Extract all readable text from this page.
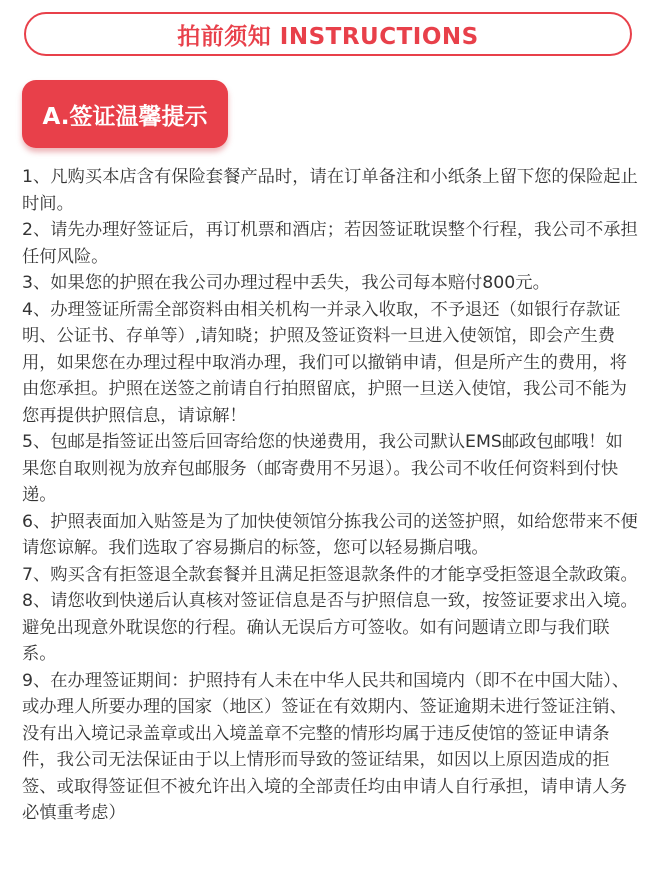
拍前须知 INSTRUCTIONS
A.签证温馨提示

1、凡购买本店含有保险套餐产品时，请在订单备注和小纸条上留下您的保险起止时间。

2、请先办理好签证后，再订机票和酒店；若因签证耽误整个行程，我公司不承担任何风险。

3、如果您的护照在我公司办理过程中丢失，我公司每本赔付800元。

4、办理签证所需全部资料由相关机构一并录入收取，不予退还（如银行存款证明、公证书、存单等）,请知晓；护照及签证资料一旦进入使领馆，即会产生费用，如果您在办理过程中取消办理，我们可以撤销申请，但是所产生的费用，将由您承担。护照在送签之前请自行拍照留底，护照一旦送入使馆，我公司不能为您再提供护照信息，请谅解！

5、包邮是指签证出签后回寄给您的快递费用，我公司默认EMS邮政包邮哦！如果您自取则视为放弃包邮服务（邮寄费用不另退）。我公司不收任何资料到付快递。

6、护照表面加入贴签是为了加快使领馆分拣我公司的送签护照，如给您带来不便请您谅解。我们选取了容易撕启的标签，您可以轻易撕启哦。

7、购买含有拒签退全款套餐并且满足拒签退款条件的才能享受拒签退全款政策。

8、请您收到快递后认真核对签证信息是否与护照信息一致，按签证要求出入境。避免出现意外耽误您的行程。确认无误后方可签收。如有问题请立即与我们联系。

9、在办理签证期间：护照持有人未在中华人民共和国境内（即不在中国大陆）、或办理人所要办理的国家（地区）签证在有效期内、签证逾期未进行签证注销、没有出入境记录盖章或出入境盖章不完整的情形均属于违反使馆的签证申请条件，我公司无法保证由于以上情形而导致的签证结果，如因以上原因造成的拒签、或取得签证但不被允许出入境的全部责任均由申请人自行承担，请申请人务必慎重考虑）
